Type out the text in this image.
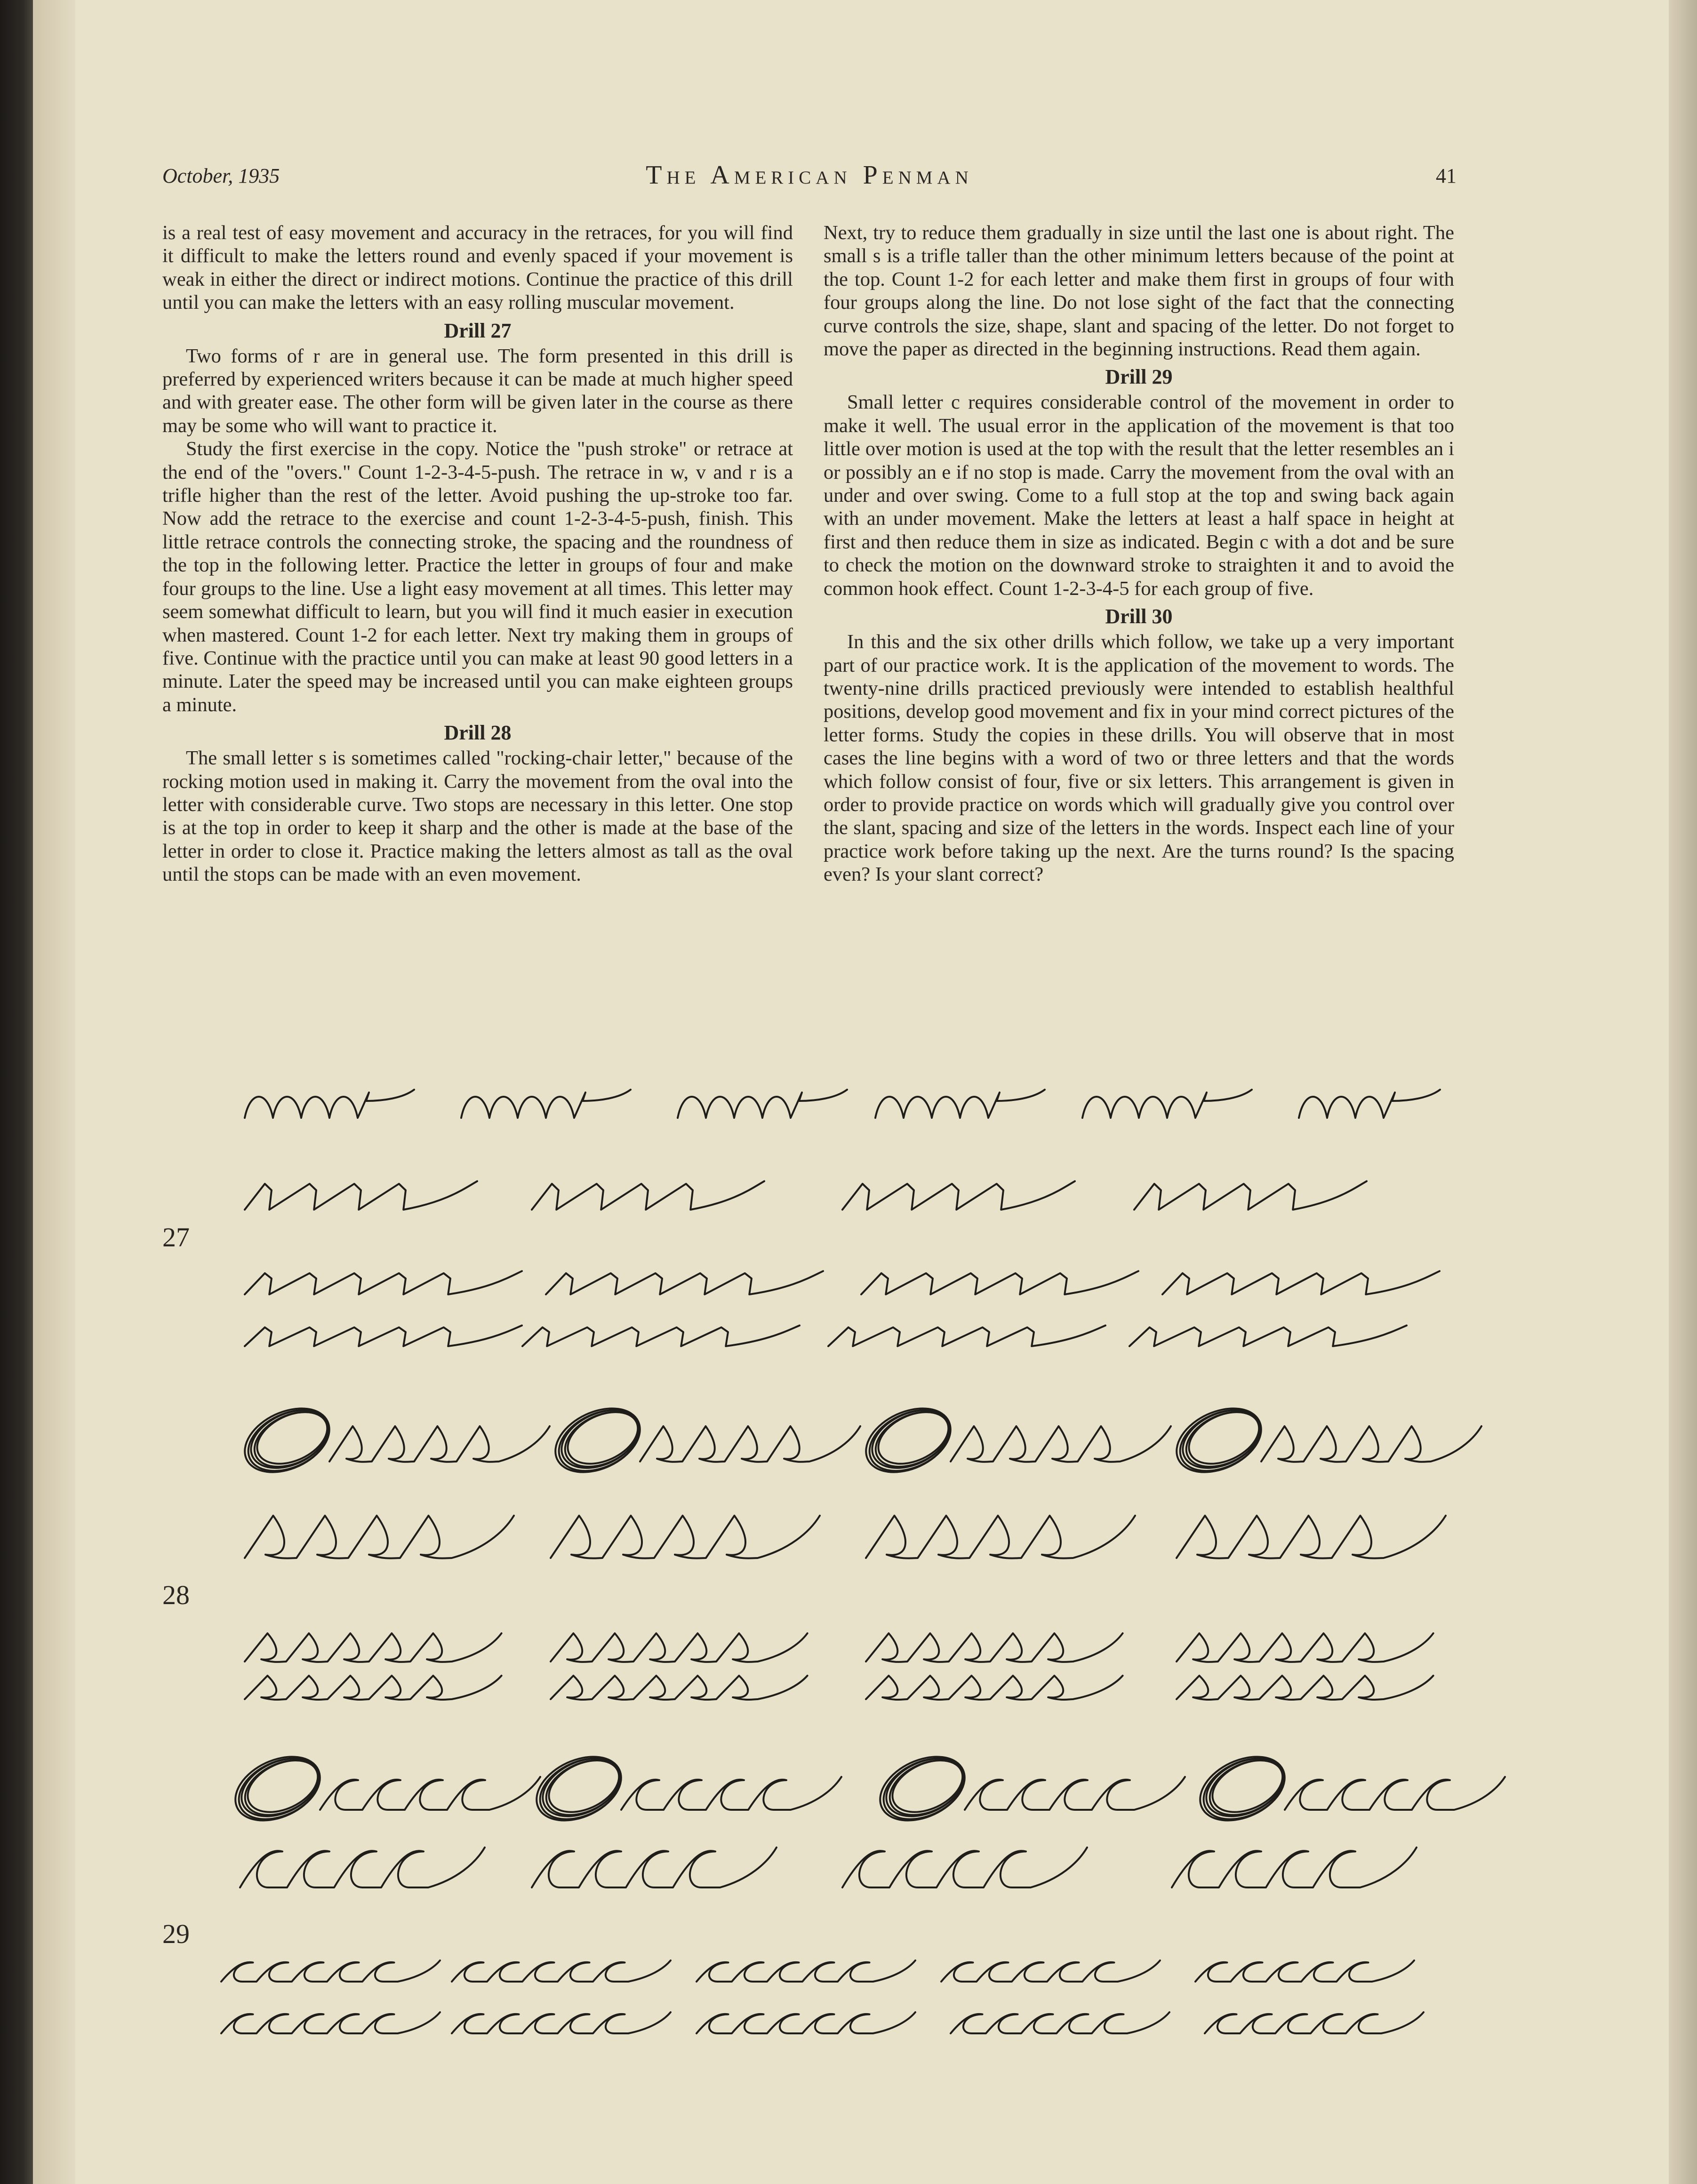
October, 1935	The American Penman	41

is a real test of easy movement and accuracy in the retraces, for you will find it difficult to make the letters round and evenly spaced if your movement is weak in either the direct or indirect motions. Continue the practice of this drill until you can make the letters with an easy rolling muscular movement.

Drill 27

Two forms of r are in general use. The form presented in this drill is preferred by experienced writers because it can be made at much higher speed and with greater ease. The other form will be given later in the course as there may be some who will want to practice it.

Study the first exercise in the copy. Notice the "push stroke" or retrace at the end of the "overs." Count 1-2-3-4-5-push. The retrace in w, v and r is a trifle higher than the rest of the letter. Avoid pushing the up-stroke too far. Now add the retrace to the exercise and count 1-2-3-4-5-push, finish. This little retrace controls the connecting stroke, the spacing and the roundness of the top in the following letter. Practice the letter in groups of four and make four groups to the line. Use a light easy movement at all times. This letter may seem somewhat difficult to learn, but you will find it much easier in execution when mastered. Count 1-2 for each letter. Next try making them in groups of five. Continue with the practice until you can make at least 90 good letters in a minute. Later the speed may be increased until you can make eighteen groups a minute.

Drill 28

The small letter s is sometimes called "rocking-chair letter," because of the rocking motion used in making it. Carry the movement from the oval into the letter with considerable curve. Two stops are necessary in this letter. One stop is at the top in order to keep it sharp and the other is made at the base of the letter in order to close it. Practice making the letters almost as tall as the oval until the stops can be made with an even movement.

Next, try to reduce them gradually in size until the last one is about right. The small s is a trifle taller than the other minimum letters because of the point at the top. Count 1-2 for each letter and make them first in groups of four with four groups along the line. Do not lose sight of the fact that the connecting curve controls the size, shape, slant and spacing of the letter. Do not forget to move the paper as directed in the beginning instructions. Read them again.

Drill 29

Small letter c requires considerable control of the movement in order to make it well. The usual error in the application of the movement is that too little over motion is used at the top with the result that the letter resembles an i or possibly an e if no stop is made. Carry the movement from the oval with an under and over swing. Come to a full stop at the top and swing back again with an under movement. Make the letters at least a half space in height at first and then reduce them in size as indicated. Begin c with a dot and be sure to check the motion on the downward stroke to straighten it and to avoid the common hook effect. Count 1-2-3-4-5 for each group of five.

Drill 30

In this and the six other drills which follow, we take up a very important part of our practice work. It is the application of the movement to words. The twenty-nine drills practiced previously were intended to establish healthful positions, develop good movement and fix in your mind correct pictures of the letter forms. Study the copies in these drills. You will observe that in most cases the line begins with a word of two or three letters and that the words which follow consist of four, five or six letters. This arrangement is given in order to provide practice on words which will gradually give you control over the slant, spacing and size of the letters in the words. Inspect each line of your practice work before taking up the next. Are the turns round? Is the spacing even? Is your slant correct?

27
28
29
